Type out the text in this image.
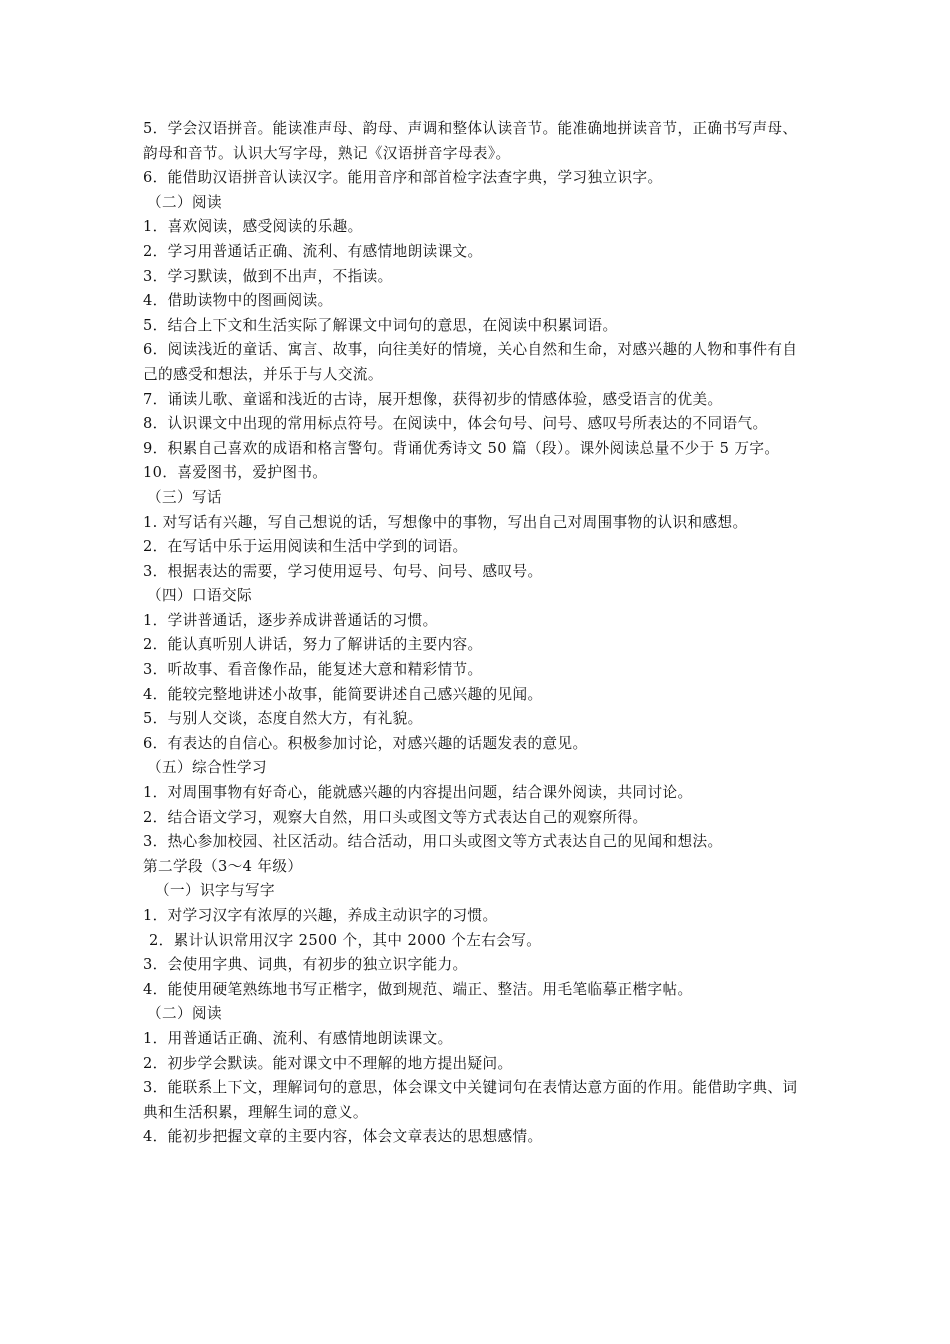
5．学会汉语拼音。能读准声母、韵母、声调和整体认读音节。能准确地拼读音节，正确书写声母、韵母和音节。认识大写字母，熟记《汉语拼音字母表》。
6．能借助汉语拼音认读汉字。能用音序和部首检字法查字典，学习独立识字。
（二）阅读
1．喜欢阅读，感受阅读的乐趣。
2．学习用普通话正确、流利、有感情地朗读课文。
3．学习默读，做到不出声，不指读。
4．借助读物中的图画阅读。
5．结合上下文和生活实际了解课文中词句的意思，在阅读中积累词语。
6．阅读浅近的童话、寓言、故事，向往美好的情境，关心自然和生命，对感兴趣的人物和事件有自己的感受和想法，并乐于与人交流。
7．诵读儿歌、童谣和浅近的古诗，展开想像，获得初步的情感体验，感受语言的优美。
8．认识课文中出现的常用标点符号。在阅读中，体会句号、问号、感叹号所表达的不同语气。
9．积累自己喜欢的成语和格言警句。背诵优秀诗文 50 篇（段）。课外阅读总量不少于 5 万字。
10．喜爱图书，爱护图书。
（三）写话
1. 对写话有兴趣，写自己想说的话，写想像中的事物，写出自己对周围事物的认识和感想。
2．在写话中乐于运用阅读和生活中学到的词语。
3．根据表达的需要，学习使用逗号、句号、问号、感叹号。
（四）口语交际
1．学讲普通话，逐步养成讲普通话的习惯。
2．能认真听别人讲话，努力了解讲话的主要内容。
3．听故事、看音像作品，能复述大意和精彩情节。
4．能较完整地讲述小故事，能简要讲述自己感兴趣的见闻。
5．与别人交谈，态度自然大方，有礼貌。
6．有表达的自信心。积极参加讨论，对感兴趣的话题发表的意见。
（五）综合性学习
1．对周围事物有好奇心，能就感兴趣的内容提出问题，结合课外阅读，共同讨论。
2．结合语文学习，观察大自然，用口头或图文等方式表达自己的观察所得。
3．热心参加校园、社区活动。结合活动，用口头或图文等方式表达自己的见闻和想法。
第二学段（3～4 年级）
（一）识字与写字
1．对学习汉字有浓厚的兴趣，养成主动识字的习惯。
2．累计认识常用汉字 2500 个，其中 2000 个左右会写。
3．会使用字典、词典，有初步的独立识字能力。
4．能使用硬笔熟练地书写正楷字，做到规范、端正、整洁。用毛笔临摹正楷字帖。
（二）阅读
1．用普通话正确、流利、有感情地朗读课文。
2．初步学会默读。能对课文中不理解的地方提出疑问。
3．能联系上下文，理解词句的意思，体会课文中关键词句在表情达意方面的作用。能借助字典、词典和生活积累，理解生词的意义。
4．能初步把握文章的主要内容，体会文章表达的思想感情。
